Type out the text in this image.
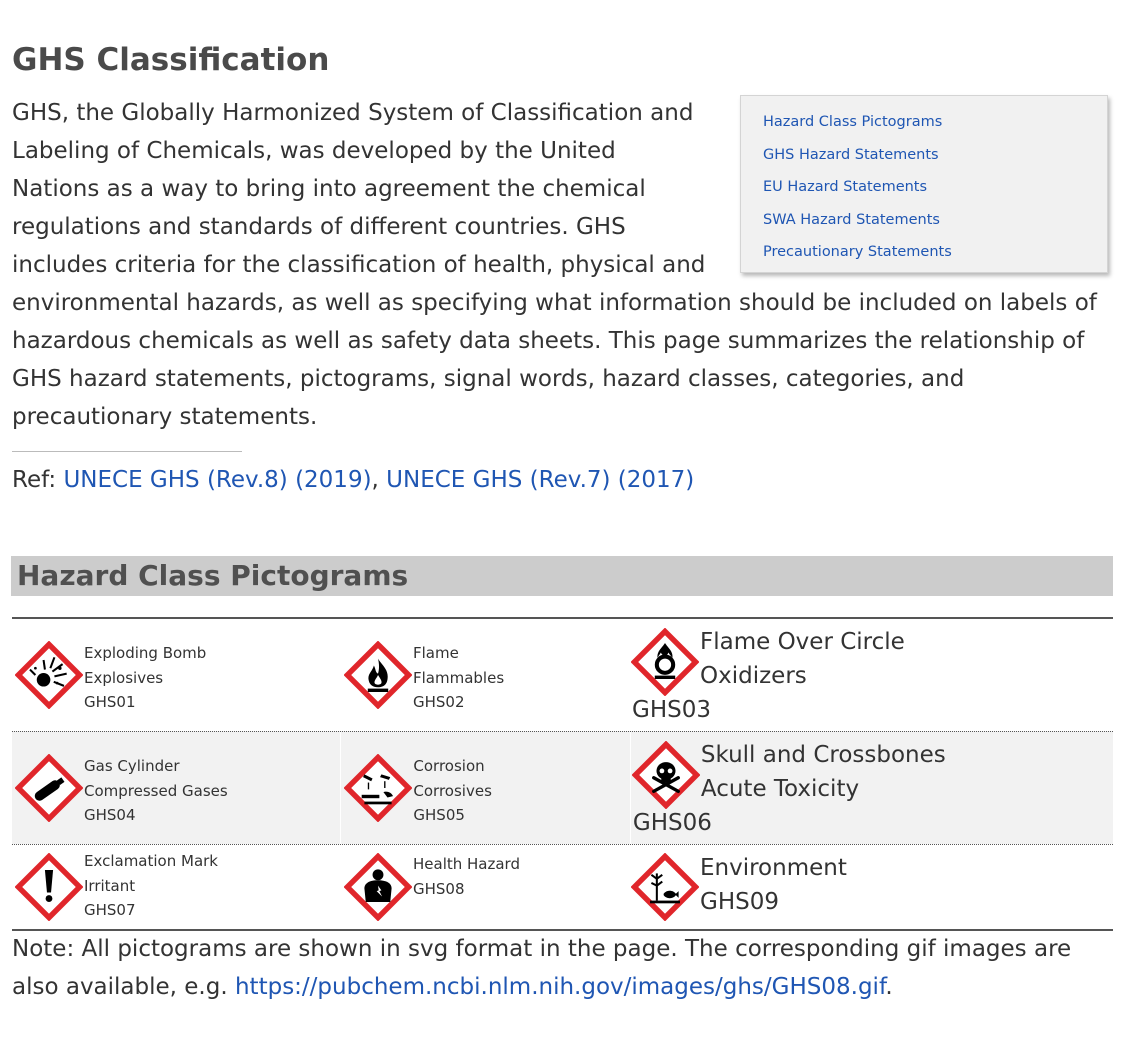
GHS Classification
Hazard Class Pictograms
GHS Hazard Statements
EU Hazard Statements
SWA Hazard Statements
Precautionary Statements

GHS, the Globally Harmonized System of Classification and Labeling of Chemicals, was developed by the United Nations as a way to bring into agreement the chemical regulations and standards of different countries. GHS includes criteria for the classification of health, physical and environmental hazards, as well as specifying what information should be included on labels of hazardous chemicals as well as safety data sheets. This page summarizes the relationship of GHS hazard statements, pictograms, signal words, hazard classes, categories, and precautionary statements.

Ref: UNECE GHS (Rev.8) (2019), UNECE GHS (Rev.7) (2017)

Hazard Class Pictograms
Exploding Bomb
Explosives
GHS01
Flame
Flammables
GHS02
Flame Over Circle
Oxidizers
GHS03
Gas Cylinder
Compressed Gases
GHS04
Corrosion
Corrosives
GHS05
Skull and Crossbones
Acute Toxicity
GHS06
Exclamation Mark
Irritant
GHS07
Health Hazard
GHS08
Environment
GHS09

Note: All pictograms are shown in svg format in the page. The corresponding gif images are also available, e.g. https://pubchem.ncbi.nlm.nih.gov/images/ghs/GHS08.gif.
